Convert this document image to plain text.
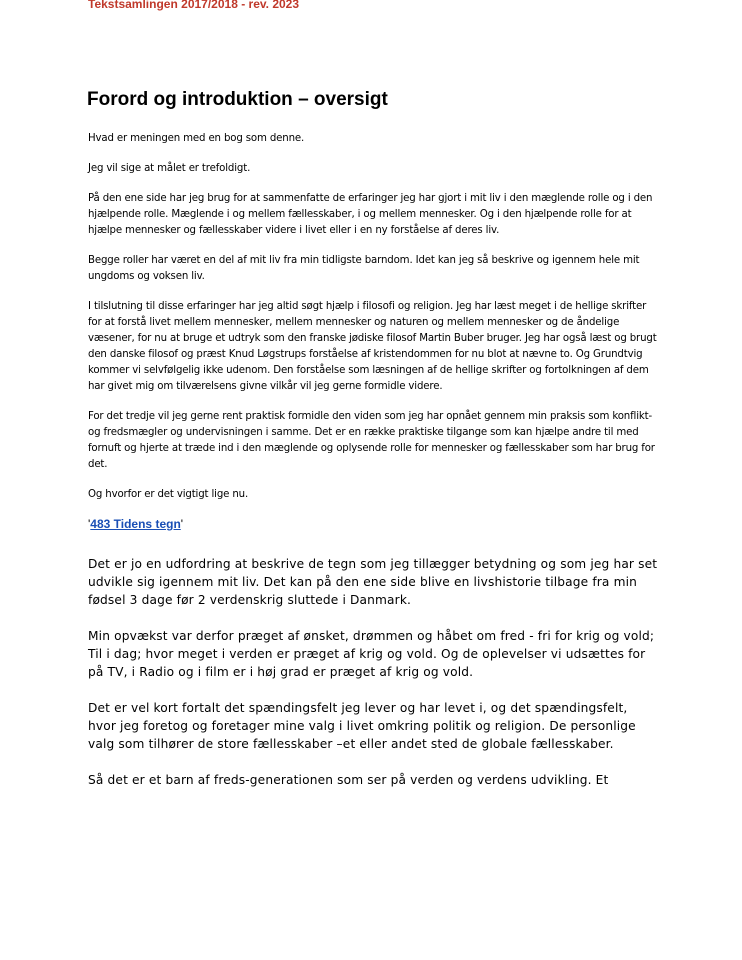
Tekstsamlingen 2017/2018 - rev. 2023
Forord og introduktion – oversigt

Hvad er meningen med en bog som denne.

Jeg vil sige at målet er trefoldigt.

På den ene side har jeg brug for at sammenfatte de erfaringer jeg har gjort i mit liv i den mæglende rolle og i den hjælpende rolle. Mæglende i og mellem fællesskaber, i og mellem mennesker. Og i den hjælpende rolle for at hjælpe mennesker og fællesskaber videre i livet eller i en ny forståelse af deres liv.

Begge roller har været en del af mit liv fra min tidligste barndom. Idet kan jeg så beskrive og igennem hele mit ungdoms og voksen liv.

I tilslutning til disse erfaringer har jeg altid søgt hjælp i filosofi og religion. Jeg har læst meget i de hellige skrifter for at forstå livet mellem mennesker, mellem mennesker og naturen og mellem mennesker og de åndelige væsener, for nu at bruge et udtryk som den franske jødiske filosof Martin Buber bruger. Jeg har også læst og brugt den danske filosof og præst Knud Løgstrups forståelse af kristendommen for nu blot at nævne to. Og Grundtvig kommer vi selvfølgelig ikke udenom. Den forståelse som læsningen af de hellige skrifter og fortolkningen af dem har givet mig om tilværelsens givne vilkår vil jeg gerne formidle videre.

For det tredje vil jeg gerne rent praktisk formidle den viden som jeg har opnået gennem min praksis som konflikt- og fredsmægler og undervisningen i samme. Det er en række praktiske tilgange som kan hjælpe andre til med fornuft og hjerte at træde ind i den mæglende og oplysende rolle for mennesker og fællesskaber som har brug for det.

Og hvorfor er det vigtigt lige nu.

'483 Tidens tegn'

Det er jo en udfordring at beskrive de tegn som jeg tillægger betydning og som jeg har set udvikle sig igennem mit liv. Det kan på den ene side blive en livshistorie tilbage fra min fødsel 3 dage før 2 verdenskrig sluttede i Danmark.

Min opvækst var derfor præget af ønsket, drømmen og håbet om fred - fri for krig og vold; Til i dag; hvor meget i verden er præget af krig og vold. Og de oplevelser vi udsættes for på TV, i Radio og i film er i høj grad er præget af krig og vold.

Det er vel kort fortalt det spændingsfelt jeg lever og har levet i, og det spændingsfelt, hvor jeg foretog og foretager mine valg i livet omkring politik og religion. De personlige valg som tilhører de store fællesskaber –et eller andet sted de globale fællesskaber.

Så det er et barn af freds-generationen som ser på verden og verdens udvikling. Et
